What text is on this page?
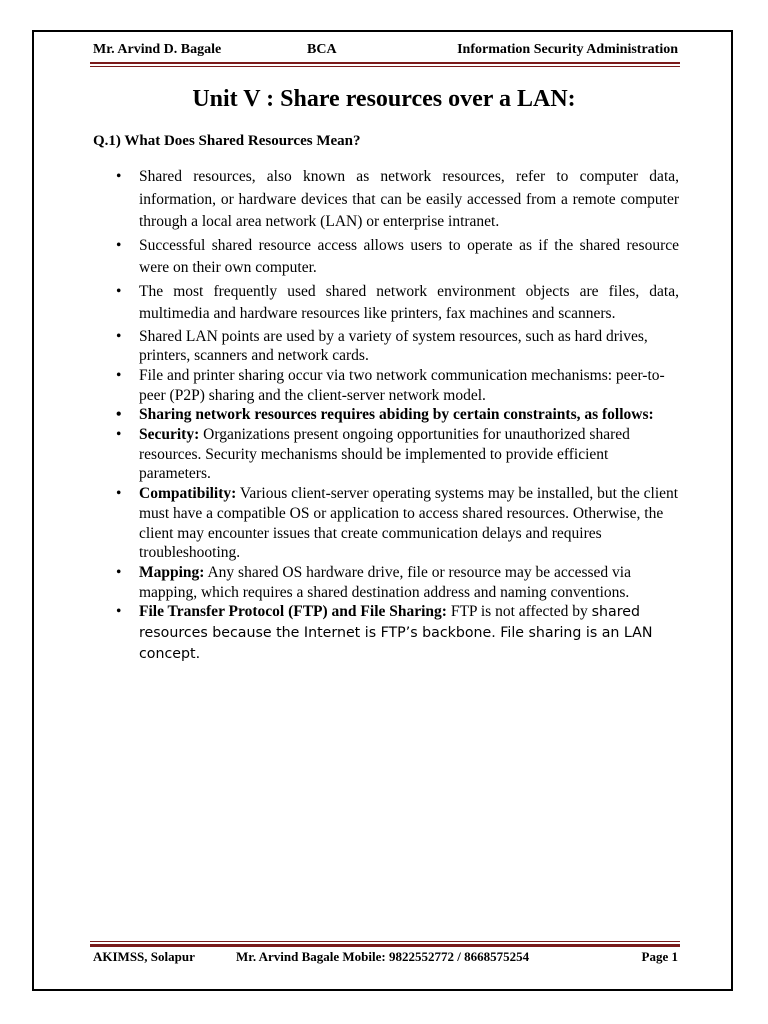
Mr. Arvind D. Bagale	BCA	Information Security Administration
Unit V : Share resources over a LAN:
Q.1) What Does Shared Resources Mean?
• Shared resources, also known as network resources, refer to computer data, information, or hardware devices that can be easily accessed from a remote computer through a local area network (LAN) or enterprise intranet.
• Successful shared resource access allows users to operate as if the shared resource were on their own computer.
• The most frequently used shared network environment objects are files, data, multimedia and hardware resources like printers, fax machines and scanners.
• Shared LAN points are used by a variety of system resources, such as hard drives, printers, scanners and network cards.
• File and printer sharing occur via two network communication mechanisms: peer-to-peer (P2P) sharing and the client-server network model.
• Sharing network resources requires abiding by certain constraints, as follows:
• Security: Organizations present ongoing opportunities for unauthorized shared resources. Security mechanisms should be implemented to provide efficient parameters.
• Compatibility: Various client-server operating systems may be installed, but the client must have a compatible OS or application to access shared resources. Otherwise, the client may encounter issues that create communication delays and requires troubleshooting.
• Mapping: Any shared OS hardware drive, file or resource may be accessed via mapping, which requires a shared destination address and naming conventions.
• File Transfer Protocol (FTP) and File Sharing: FTP is not affected by shared resources because the Internet is FTP’s backbone. File sharing is an LAN concept.
AKIMSS, Solapur	Mr. Arvind Bagale Mobile: 9822552772 / 8668575254	Page 1
